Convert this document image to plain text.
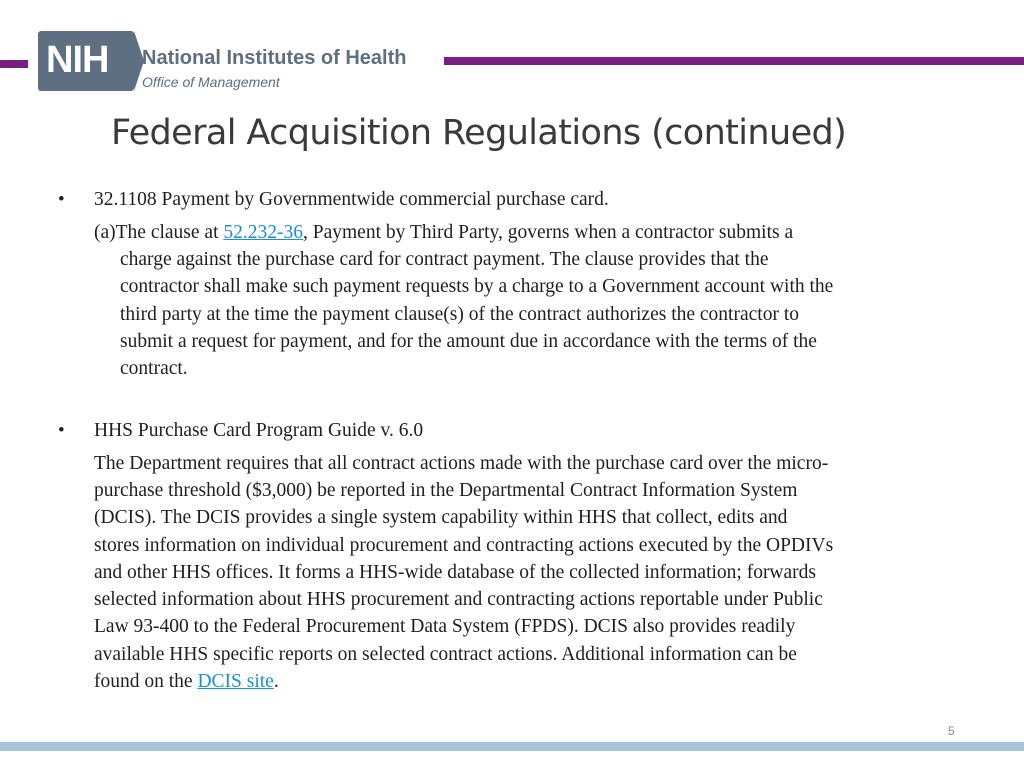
NIH National Institutes of Health
Office of Management
Federal Acquisition Regulations (continued)
• 32.1108 Payment by Governmentwide commercial purchase card.
(a)The clause at 52.232-36, Payment by Third Party, governs when a contractor submits a
charge against the purchase card for contract payment. The clause provides that the
contractor shall make such payment requests by a charge to a Government account with the
third party at the time the payment clause(s) of the contract authorizes the contractor to
submit a request for payment, and for the amount due in accordance with the terms of the
contract.
• HHS Purchase Card Program Guide v. 6.0
The Department requires that all contract actions made with the purchase card over the micro-
purchase threshold ($3,000) be reported in the Departmental Contract Information System
(DCIS). The DCIS provides a single system capability within HHS that collect, edits and
stores information on individual procurement and contracting actions executed by the OPDIVs
and other HHS offices. It forms a HHS-wide database of the collected information; forwards
selected information about HHS procurement and contracting actions reportable under Public
Law 93-400 to the Federal Procurement Data System (FPDS). DCIS also provides readily
available HHS specific reports on selected contract actions. Additional information can be
found on the DCIS site.
5
